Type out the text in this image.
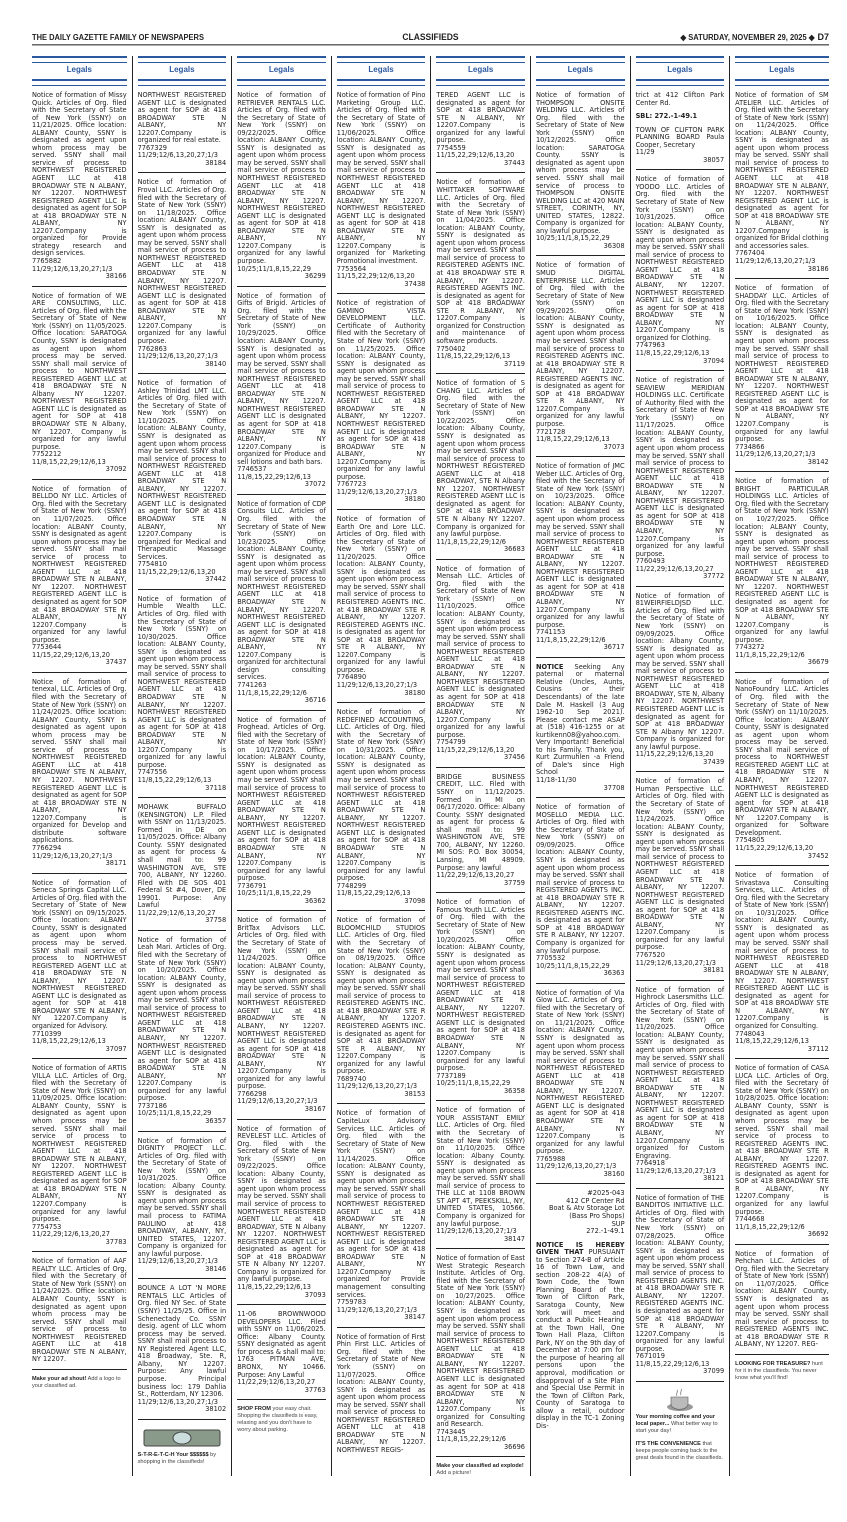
THE DAILY GAZETTE FAMILY OF NEWSPAPERS	CLASSIFIEDS	◆ SATURDAY, NOVEMBER 29, 2025 ◆ D7
Legals
Notice of formation of Missy Quick. Articles of Org. filed with the Secretary of State of New York (SSNY) on 11/21/2025. Office location: ALBANY County, SSNY is designated as agent upon whom process may be served. SSNY shall mail service of process to NORTHWEST REGISTERED AGENT LLC at 418 BROADWAY STE N ALBANY, NY 12207. NORTHWEST REGISTERED AGENT LLC is designated as agent for SOP at 418 BROADWAY STE N ALBANY, NY 12207.Company is organized for Provide strategy research and design services.
7765882
11/29;12/6,13,20,27;1/3
38166
Notice of formation of WE ARE CONSULTING, LLC. Articles of Org. filed with the Secretary of State of New York (SSNY) on 11/05/2025. Office location: SARATOGA County, SSNY is designated as agent upon whom process may be served. SSNY shall mail service of process to NORTHWEST REGISTERED AGENT LLC at 418 BROADWAY STE N Albany NY 12207. NORTHWEST REGISTERED AGENT LLC is designated as agent for SOP at 418 BROADWAY STE N Albany, NY 12207. Company is organized for any lawful purpose.
7752212
11/8,15,22,29;12/6,13
37092
Notice of formation of BELLDO NY LLC. Articles of Org. filed with the Secretary of State of New York (SSNY) on 11/07/2025. Office location: ALBANY County, SSNY is designated as agent upon whom process may be served. SSNY shall mail service of process to NORTHWEST REGISTERED AGENT LLC at 418 BROADWAY STE N ALBANY, NY 12207. NORTHWEST REGISTERED AGENT LLC is designated as agent for SOP at 418 BROADWAY STE N ALBANY, NY 12207.Company is organized for any lawful purpose.
7753644
11/15,22,29;12/6,13,20
37437
Notice of formation of tenexal, LLC. Articles of Org. filed with the Secretary of State of New York (SSNY) on 11/24/2025. Office location: ALBANY County, SSNY is designated as agent upon whom process may be served. SSNY shall mail service of process to NORTHWEST REGISTERED AGENT LLC at 418 BROADWAY STE N ALBANY, NY 12207. NORTHWEST REGISTERED AGENT LLC is designated as agent for SOP at 418 BROADWAY STE N ALBANY, NY 12207.Company is organized for Develop and distribute software applications.
7766294
11/29;12/6,13,20,27;1/3
38171
Notice of formation of Seneca Springs Capital LLC. Articles of Org. filed with the Secretary of State of New York (SSNY) on 09/15/2025. Office location: ALBANY County, SSNY is designated as agent upon whom process may be served. SSNY shall mail service of process to NORTHWEST REGISTERED AGENT LLC at 418 BROADWAY STE N ALBANY, NY 12207. NORTHWEST REGISTERED AGENT LLC is designated as agent for SOP at 418 BROADWAY STE N ALBANY, NY 12207.Company is organized for Advisory.
7710399
11/8,15,22,29;12/6,13
37097
Notice of formation of ARTIS VILLA LLC. Articles of Org. filed with the Secretary of State of New York (SSNY) on 11/09/2025. Office location: ALBANY County, SSNY is designated as agent upon whom process may be served. SSNY shall mail service of process to NORTHWEST REGISTERED AGENT LLC at 418 BROADWAY STE N ALBANY, NY 12207. NORTHWEST REGISTERED AGENT LLC is designated as agent for SOP at 418 BROADWAY STE N ALBANY, NY 12207.Company is organized for any lawful purpose.
7754753
11/22,29;12/6,13,20,27
37783
Notice of formation of AAF REALTY LLC. Articles of Org. filed with the Secretary of State of New York (SSNY) on 11/24/2025. Office location: ALBANY County, SSNY is designated as agent upon whom process may be served. SSNY shall mail service of process to NORTHWEST REGISTERED AGENT LLC at 418 BROADWAY STE N ALBANY, NY 12207.
Make your ad shout! Add a logo to your classified ad.
Legals
NORTHWEST REGISTERED AGENT LLC is designated as agent for SOP at 418 BROADWAY STE N ALBANY, NY 12207.Company is organized for real estate.
7767329
11/29;12/6,13,20,27;1/3
38184
Notice of formation of Froval LLC. Articles of Org. filed with the Secretary of State of New York (SSNY) on 11/18/2025. Office location: ALBANY County, SSNY is designated as agent upon whom process may be served. SSNY shall mail service of process to NORTHWEST REGISTERED AGENT LLC at 418 BROADWAY STE N ALBANY, NY 12207. NORTHWEST REGISTERED AGENT LLC is designated as agent for SOP at 418 BROADWAY STE N ALBANY, NY 12207.Company is organized for any lawful purpose.
7762863
11/29;12/6,13,20,27;1/3
38140
Notice of formation of Ashley Trinidad LMT LLC. Articles of Org. filed with the Secretary of State of New York (SSNY) on 11/10/2025. Office location: ALBANY County, SSNY is designated as agent upon whom process may be served. SSNY shall mail service of process to NORTHWEST REGISTERED AGENT LLC at 418 BROADWAY STE N ALBANY, NY 12207. NORTHWEST REGISTERED AGENT LLC is designated as agent for SOP at 418 BROADWAY STE N ALBANY, NY 12207.Company is organized for Medical and Therapeutic Massage Services.
7754810
11/15,22,29;12/6,13,20
37442
Notice of formation of Humble Wealth LLC. Articles of Org. filed with the Secretary of State of New York (SSNY) on 10/30/2025. Office location: ALBANY County, SSNY is designated as agent upon whom process may be served. SSNY shall mail service of process to NORTHWEST REGISTERED AGENT LLC at 418 BROADWAY STE N ALBANY, NY 12207. NORTHWEST REGISTERED AGENT LLC is designated as agent for SOP at 418 BROADWAY STE N ALBANY, NY 12207.Company is organized for any lawful purpose.
7747556
11/8,15,22,29;12/6,13
37118
MOHAWK BUFFALO (KENSINGTON) L.P. Filed with SSNY on 11/13/2025. Formed in DE on 11/05/2025. Office: Albany County. SSNY designated as agent for process & shall mail to: 99 WASHINGTON AVE, STE 700, ALBANY, NY 12260. Filed with DE SOS 401 Federal St #4, Dover, DE 19901. Purpose: Any Lawful
11/22,29;12/6,13,20,27
37758
Notice of formation of Leah Mari. Articles of Org. filed with the Secretary of State of New York (SSNY) on 10/20/2025. Office location: ALBANY County, SSNY is designated as agent upon whom process may be served. SSNY shall mail service of process to NORTHWEST REGISTERED AGENT LLC at 418 BROADWAY STE N ALBANY, NY 12207. NORTHWEST REGISTERED AGENT LLC is designated as agent for SOP at 418 BROADWAY STE N ALBANY, NY 12207.Company is organized for any lawful purpose.
7737186
10/25;11/1,8,15,22,29
36357
Notice of formation of DIGNITY PROJECT LLC. Articles of Org. filed with the Secretary of State of New York (SSNY) on 10/31/2025. Office location: Albany County. SSNY is designated as agent upon whom process may be served. SSNY shall mail process to FATIMA PAULINO at 418 BROADWAY, ALBANY, NY, UNITED STATES, 12207. Company is organized for any lawful purpose.
11/29;12/6,13,20,27;1/3
38146
BOUNCE A LOT 'N MORE RENTALS LLC Articles of Org. filed NY Sec. of State (SSNY) 11/25/25. Office in Schenectady Co. SSNY desig. agent of LLC whom process may be served. SSNY shall mail process to NY Registered Agent LLC, 418 Broadway, Ste. R, Albany, NY 12207. Purpose: Any lawful purpose. Principal business loc: 179 Dahlia St., Rotterdam, NY 12306.
11/29;12/6,13,20,27;1/3
38102
S-T-R-E-T-C-H Your $$$$$$ by shopping in the classifieds!
Legals
Notice of formation of RETRIEVER RENTALS LLC. Articles of Org. filed with the Secretary of State of New York (SSNY) on 09/22/2025. Office location: ALBANY County, SSNY is designated as agent upon whom process may be served. SSNY shall mail service of process to NORTHWEST REGISTERED AGENT LLC at 418 BROADWAY STE N ALBANY, NY 12207. NORTHWEST REGISTERED AGENT LLC is designated as agent for SOP at 418 BROADWAY STE N ALBANY, NY 12207.Company is organized for any lawful purpose.
10/25;11/1,8,15,22,29
36299
Notice of formation of Gifts of Brigid. Articles of Org. filed with the Secretary of State of New York (SSNY) on 10/29/2025. Office location: ALBANY County, SSNY is designated as agent upon whom process may be served. SSNY shall mail service of process to NORTHWEST REGISTERED AGENT LLC at 418 BROADWAY STE N ALBANY, NY 12207. NORTHWEST REGISTERED AGENT LLC is designated as agent for SOP at 418 BROADWAY STE N ALBANY, NY 12207.Company is organized for Produce and sell lotions and bath bars.
7746537
11/8,15,22,29;12/6,13
37072
Notice of formation of CDP Consults LLC. Articles of Org. filed with the Secretary of State of New York (SSNY) on 10/23/2025. Office location: ALBANY County, SSNY is designated as agent upon whom process may be served. SSNY shall mail service of process to NORTHWEST REGISTERED AGENT LLC at 418 BROADWAY STE N ALBANY, NY 12207. NORTHWEST REGISTERED AGENT LLC is designated as agent for SOP at 418 BROADWAY STE N ALBANY, NY 12207.Company is organized for architectural design consulting services.
7741263
11/1,8,15,22,29;12/6
36716
Notice of formation of Froghead. Articles of Org. filed with the Secretary of State of New York (SSNY) on 10/17/2025. Office location: ALBANY County, SSNY is designated as agent upon whom process may be served. SSNY shall mail service of process to NORTHWEST REGISTERED AGENT LLC at 418 BROADWAY STE N ALBANY, NY 12207. NORTHWEST REGISTERED AGENT LLC is designated as agent for SOP at 418 BROADWAY STE N ALBANY, NY 12207.Company is organized for any lawful purpose.
7736791
10/25;11/1,8,15,22,29
36362
Notice of formation of BritTax Advisors LLC. Articles of Org. filed with the Secretary of State of New York (SSNY) on 11/24/2025. Office location: ALBANY County, SSNY is designated as agent upon whom process may be served. SSNY shall mail service of process to NORTHWEST REGISTERED AGENT LLC at 418 BROADWAY STE N ALBANY, NY 12207. NORTHWEST REGISTERED AGENT LLC is designated as agent for SOP at 418 BROADWAY STE N ALBANY, NY 12207.Company is organized for any lawful purpose.
7766298
11/29;12/6,13,20,27;1/3
38167
Notice of formation of REVELEST LLC. Articles of Org. filed with the Secretary of State of New York (SSNY) on 09/22/2025. Office location: Albany County, SSNY is designated as agent upon whom process may be served. SSNY shall mail service of process to NORTHWEST REGISTERED AGENT LLC at 418 BROADWAY, STE N Albany NY 12207. NORTHWEST REGISTERED AGENT LLC is designated as agent for SOP at 418 BROADWAY STE N Albany NY 12207. Company is organized for any lawful purpose.
11/8,15,22,29;12/6,13
37093
11-06 BROWNWOOD DEVELOPERS LLC. Filed with SSNY on 11/06/2025. Office: Albany County. SSNY designated as agent for process & shall mail to: 1763 PITMAN AVE, BRONX, NY 10466. Purpose: Any Lawful
11/22,29;12/6,13,20,27
37763
SHOP FROM your easy chair. Shopping the classifieds is easy, relaxing and you don't have to worry about parking.
Legals
Notice of formation of Pino Marketing Group LLC. Articles of Org. filed with the Secretary of State of New York (SSNY) on 11/06/2025. Office location: ALBANY County, SSNY is designated as agent upon whom process may be served. SSNY shall mail service of process to NORTHWEST REGISTERED AGENT LLC at 418 BROADWAY STE N ALBANY, NY 12207. NORTHWEST REGISTERED AGENT LLC is designated as agent for SOP at 418 BROADWAY STE N ALBANY, NY 12207.Company is organized for Marketing Promotional investment.
7753564
11/15,22,29;12/6,13,20
37438
Notice of registration of GAMINO VISTA DEVELOPMENT LLC. Certificate of Authority filed with the Secretary of State of New York (SSNY) on 11/25/2025. Office location: ALBANY County, SSNY is designated as agent upon whom process may be served. SSNY shall mail service of process to NORTHWEST REGISTERED AGENT LLC at 418 BROADWAY STE N ALBANY, NY 12207. NORTHWEST REGISTERED AGENT LLC is designated as agent for SOP at 418 BROADWAY STE N ALBANY, NY 12207.Company is organized for any lawful purpose.
7767723
11/29;12/6,13,20,27;1/3
38180
Notice of formation of Earth Ore and Lore LLC. Articles of Org. filed with the Secretary of State of New York (SSNY) on 11/20/2025. Office location: ALBANY County, SSNY is designated as agent upon whom process may be served. SSNY shall mail service of process to REGISTERED AGENTS INC. at 418 BROADWAY STE R ALBANY, NY 12207. REGISTERED AGENTS INC. is designated as agent for SOP at 418 BROADWAY STE R ALBANY, NY 12207.Company is organized for any lawful purpose.
7764890
11/29;12/6,13,20,27;1/3
38180
Notice of formation of REDEFINED ACCOUNTING, LLC. Articles of Org. filed with the Secretary of State of New York (SSNY) on 10/31/2025. Office location: ALBANY County, SSNY is designated as agent upon whom process may be served. SSNY shall mail service of process to NORTHWEST REGISTERED AGENT LLC at 418 BROADWAY STE N ALBANY, NY 12207. NORTHWEST REGISTERED AGENT LLC is designated as agent for SOP at 418 BROADWAY STE N ALBANY, NY 12207.Company is organized for any lawful purpose.
7748299
11/8,15,22,29;12/6,13
37098
Notice of formation of BLOOMCHILD STUDIOS LLC. Articles of Org. filed with the Secretary of State of New York (SSNY) on 08/19/2025. Office location: ALBANY County, SSNY is designated as agent upon whom process may be served. SSNY shall mail service of process to REGISTERED AGENTS INC. at 418 BROADWAY STE R ALBANY, NY 12207. REGISTERED AGENTS INC. is designated as agent for SOP at 418 BROADWAY STE R ALBANY, NY 12207.Company is organized for any lawful purpose.
7689740
11/29;12/6,13,20,27;1/3
38153
Notice of formation of CapiteLux Advisory Services LLC. Articles of Org. filed with the Secretary of State of New York (SSNY) on 11/14/2025. Office location: ALBANY County, SSNY is designated as agent upon whom process may be served. SSNY shall mail service of process to NORTHWEST REGISTERED AGENT LLC at 418 BROADWAY STE N ALBANY, NY 12207. NORTHWEST REGISTERED AGENT LLC is designated as agent for SOP at 418 BROADWAY STE N ALBANY, NY 12207.Company is organized for Provide management consulting services.
7759783
11/29;12/6,13,20,27;1/3
38147
Notice of formation of First Phin First LLC. Articles of Org. filed with the Secretary of State of New York (SSNY) on 11/07/2025. Office location: ALBANY County, SSNY is designated as agent upon whom process may be served. SSNY shall mail service of process to NORTHWEST REGISTERED AGENT LLC at 418 BROADWAY STE N ALBANY, NY 12207. NORTHWEST REGIS-
Legals
TERED AGENT LLC is designated as agent for SOP at 418 BROADWAY STE N ALBANY, NY 12207.Company is organized for any lawful purpose.
7754559
11/15,22,29;12/6,13,20
37443
Notice of formation of WHITTAKER SOFTWARE LLC. Articles of Org. filed with the Secretary of State of New York (SSNY) on 11/04/2025. Office location: ALBANY County, SSNY is designated as agent upon whom process may be served. SSNY shall mail service of process to REGISTERED AGENTS INC. at 418 BROADWAY STE R ALBANY, NY 12207. REGISTERED AGENTS INC. is designated as agent for SOP at 418 BROADWAY STE R ALBANY, NY 12207.Company is organized for Construction and maintenance of software products.
7750402
11/8,15,22,29;12/6,13
37119
Notice of formation of S CHANG LLC. Articles of Org. filed with the Secretary of State of New York (SSNY) on 10/22/2025. Office location: Albany County, SSNY is designated as agent upon whom process may be served. SSNY shall mail service of process to NORTHWEST REGISTERED AGENT LLC at 418 BROADWAY, STE N Albany NY 12207. NORTHWEST REGISTERED AGENT LLC is designated as agent for SOP at 418 BROADWAY STE N Albany NY 12207. Company is organized for any lawful purpose.
11/1,8,15,22,29;12/6
36683
Notice of formation of Mensah LLC. Articles of Org. filed with the Secretary of State of New York (SSNY) on 11/10/2025. Office location: ALBANY County, SSNY is designated as agent upon whom process may be served. SSNY shall mail service of process to NORTHWEST REGISTERED AGENT LLC at 418 BROADWAY STE N ALBANY, NY 12207. NORTHWEST REGISTERED AGENT LLC is designated as agent for SOP at 418 BROADWAY STE N ALBANY, NY 12207.Company is organized for any lawful purpose.
7754799
11/15,22,29;12/6,13,20
37456
BRIDGE BUSINESS CREDIT, LLC. Filed with SSNY on 11/12/2025. Formed in MI on 06/17/2020. Office: Albany County. SSNY designated as agent for process & shall mail to: 99 WASHINGTON AVE, STE 700, ALBANY, NY 12260. MI SOS: P.O. Box 30054, Lansing, MI 48909. Purpose: any lawful
11/22,29;12/6,13,20,27
37759
Notice of formation of Famous Youth LLC. Articles of Org. filed with the Secretary of State of New York (SSNY) on 10/20/2025. Office location: ALBANY County, SSNY is designated as agent upon whom process may be served. SSNY shall mail service of process to NORTHWEST REGISTERED AGENT LLC at 418 BROADWAY STE N ALBANY, NY 12207. NORTHWEST REGISTERED AGENT LLC is designated as agent for SOP at 418 BROADWAY STE N ALBANY, NY 12207.Company is organized for any lawful purpose.
7737189
10/25;11/1,8,15,22,29
36358
Notice of formation of YOUR ASSISTANT EMILY LLC. Articles of Org. filed with the Secretary of State of New York (SSNY) on 11/10/2025. Office location: Albany County. SSNY is designated as agent upon whom process may be served. SSNY shall mail service of process to THE LLC at 1108 BROWN ST APT 4T, PEEKSKILL, NY, UNITED STATES, 10566. Company is organized for any lawful purpose.
11/29;12/6,13,20,27;1/3
38147
Notice of formation of East West Strategic Research Institute. Articles of Org. filed with the Secretary of State of New York (SSNY) on 10/27/2025. Office location: ALBANY County, SSNY is designated as agent upon whom process may be served. SSNY shall mail service of process to NORTHWEST REGISTERED AGENT LLC at 418 BROADWAY STE N ALBANY, NY 12207. NORTHWEST REGISTERED AGENT LLC is designated as agent for SOP at 418 BROADWAY STE N ALBANY, NY 12207.Company is organized for Consulting and Research.
7743445
11/1,8,15,22,29;12/6
36696
Make your classified ad explode! Add a picture!
Legals
Notice of formation of THOMPSON ONSITE WELDING LLC. Articles of Org. filed with the Secretary of State of New York (SSNY) on 10/12/2025. Office location: SARATOGA County. SSNY is designated as agent upon whom process may be served. SSNY shall mail service of process to THOMPSON ONSITE WELDING LLC at 420 MAIN STREET, CORINTH, NY, UNITED STATES, 12822. Company is organized for any lawful purpose.
10/25;11/1,8,15,22,29
36308
Notice of formation of SMUD DIGITAL ENTERPRISE LLC. Articles of Org. filed with the Secretary of State of New York (SSNY) on 09/29/2025. Office location: ALBANY County, SSNY is designated as agent upon whom process may be served. SSNY shall mail service of process to REGISTERED AGENTS INC. at 418 BROADWAY STE R ALBANY, NY 12207. REGISTERED AGENTS INC. is designated as agent for SOP at 418 BROADWAY STE R ALBANY, NY 12207.Company is organized for any lawful purpose.
7721728
11/8,15,22,29;12/6,13
37073
Notice of formation of JMC Weber LLC. Articles of Org. filed with the Secretary of State of New York (SSNY) on 10/23/2025. Office location: ALBANY County, SSNY is designated as agent upon whom process may be served. SSNY shall mail service of process to NORTHWEST REGISTERED AGENT LLC at 418 BROADWAY STE N ALBANY, NY 12207. NORTHWEST REGISTERED AGENT LLC is designated as agent for SOP at 418 BROADWAY STE N ALBANY, NY 12207.Company is organized for any lawful purpose.
7741153
11/1,8,15,22,29;12/6
36717
NOTICE Seeking Any paternal or maternal Relative (Uncles, Aunts, Cousins or their Descendants) of the late Dale M. Haskell (3 Aug 1962-10 Sep 2021). Please contact me ASAP at (518) 416-1255 or at kurtikenn08@yahoo.com. Very Important! Beneficial to his Family. Thank you, Kurt Zurmuhlen -a Friend of Dale's since High School
11/18-11/30
37708
Notice of formation of MOSELLO MEDIA LLC. Articles of Org. filed with the Secretary of State of New York (SSNY) on 09/09/2025. Office location: ALBANY County, SSNY is designated as agent upon whom process may be served. SSNY shall mail service of process to REGISTERED AGENTS INC. at 418 BROADWAY STE R ALBANY, NY 12207. REGISTERED AGENTS INC. is designated as agent for SOP at 418 BROADWAY STE R ALBANY, NY 12207. Company is organized for any lawful purpose.
7705532
10/25;11/1,8,15,22,29
36363
Notice of formation of Via Glow LLC. Articles of Org. filed with the Secretary of State of New York (SSNY) on 11/21/2025. Office location: ALBANY County, SSNY is designated as agent upon whom process may be served. SSNY shall mail service of process to NORTHWEST REGISTERED AGENT LLC at 418 BROADWAY STE N ALBANY, NY 12207. NORTHWEST REGISTERED AGENT LLC is designated as agent for SOP at 418 BROADWAY STE N ALBANY, NY 12207.Company is organized for any lawful purpose.
7765988
11/29;12/6,13,20,27;1/3
38160
#2025-043
412 CP Center Rd
Boat & Atv Storage Lot
(Bass Pro Shops)
SUP
272.-1-49.1
NOTICE IS HEREBY GIVEN THAT PURSUANT to Section 274-B of Article 16 of Town Law, and section 208-22 4(A) of Town Code, the Town Planning Board of the Town of Clifton Park, Saratoga County, New York will meet and conduct a Public Hearing at the Town Hall, One Town Hall Plaza, Clifton Park, NY on the 9th day of December at 7:00 pm for the purpose of hearing all persons upon the approval, modification or disapproval of a Site Plan and Special Use Permit in the Town of Clifton Park, County of Saratoga to allow a retail, outdoor display in the TC-1 Zoning Dis-
Legals
trict at 412 Clifton Park Center Rd.
SBL: 272.-1-49.1
TOWN OF CLIFTON PARK PLANNING BOARD Paula Cooper, Secretary
11/29
38057
Notice of formation of YOODO LLC. Articles of Org. filed with the Secretary of State of New York (SSNY) on 10/31/2025. Office location: ALBANY County, SSNY is designated as agent upon whom process may be served. SSNY shall mail service of process to NORTHWEST REGISTERED AGENT LLC at 418 BROADWAY STE N ALBANY, NY 12207. NORTHWEST REGISTERED AGENT LLC is designated as agent for SOP at 418 BROADWAY STE N ALBANY, NY 12207.Company is organized for Clothing.
7747963
11/8,15,22,29;12/6,13
37094
Notice of registration of SEAVIEW MERIDIAN HOLDINGS LLC. Certificate of Authority filed with the Secretary of State of New York (SSNY) on 11/17/2025. Office location: ALBANY County, SSNY is designated as agent upon whom process may be served. SSNY shall mail service of process to NORTHWEST REGISTERED AGENT LLC at 418 BROADWAY STE N ALBANY, NY 12207. NORTHWEST REGISTERED AGENT LLC is designated as agent for SOP at 418 BROADWAY STE N ALBANY, NY 12207.Company is organized for any lawful purpose.
7760493
11/22,29;12/6,13,20,27
37772
Notice of formation of 81WEIRFIELDJSD LLC. Articles of Org. filed with the Secretary of State of New York (SSNY) on 09/09/2025. Office location: Albany County, SSNY is designated as agent upon whom process may be served. SSNY shall mail service of process to NORTHWEST REGISTERED AGENT LLC at 418 BROADWAY, STE N, Albany NY 12207. NORTHWEST REGISTERED AGENT LLC is designated as agent for SOP at 418 BROADWAY STE N Albany NY 12207. Company is organized for any lawful purpose.
11/15,22,29;12/6,13,20
37439
Notice of formation of Human Perspective LLC. Articles of Org. filed with the Secretary of State of New York (SSNY) on 11/24/2025. Office location: ALBANY County, SSNY is designated as agent upon whom process may be served. SSNY shall mail service of process to NORTHWEST REGISTERED AGENT LLC at 418 BROADWAY STE N ALBANY, NY 12207. NORTHWEST REGISTERED AGENT LLC is designated as agent for SOP at 418 BROADWAY STE N ALBANY, NY 12207.Company is organized for any lawful purpose.
7767520
11/29;12/6,13,20,27;1/3
38181
Notice of formation of Highrock Lasersmiths LLC. Articles of Org. filed with the Secretary of State of New York (SSNY) on 11/20/2025. Office location: ALBANY County, SSNY is designated as agent upon whom process may be served. SSNY shall mail service of process to NORTHWEST REGISTERED AGENT LLC at 418 BROADWAY STE N ALBANY, NY 12207. NORTHWEST REGISTERED AGENT LLC is designated as agent for SOP at 418 BROADWAY STE N ALBANY, NY 12207.Company is organized for Custom Engraving.
7764918
11/29;12/6,13,20,27;1/3
38121
Notice of formation of THE BANDITOS INITIATIVE LLC. Articles of Org. filed with the Secretary of State of New York (SSNY) on 07/28/2025. Office location: ALBANY County, SSNY is designated as agent upon whom process may be served. SSNY shall mail service of process to REGISTERED AGENTS INC. at 418 BROADWAY STE R ALBANY, NY 12207. REGISTERED AGENTS INC. is designated as agent for SOP at 418 BROADWAY STE R ALBANY, NY 12207.Company is organized for any lawful purpose.
7671019
11/8,15,22,29;12/6,13
37099
Your morning coffee and your local paper... What better way to start your day!
IT'S THE CONVENIENCE that keeps people coming back to the great deals found in the classifieds.
Legals
Notice of formation of SM ATELIER LLC. Articles of Org. filed with the Secretary of State of New York (SSNY) on 11/24/2025. Office location: ALBANY County, SSNY is designated as agent upon whom process may be served. SSNY shall mail service of process to NORTHWEST REGISTERED AGENT LLC at 418 BROADWAY STE N ALBANY, NY 12207. NORTHWEST REGISTERED AGENT LLC is designated as agent for SOP at 418 BROADWAY STE N ALBANY, NY 12207.Company is organized for Bridal clothing and accessories sales.
7767404
11/29;12/6,13,20,27;1/3
38186
Notice of formation of SHADDAY LLC. Articles of Org. filed with the Secretary of State of New York (SSNY) on 10/16/2025. Office location: ALBANY County, SSNY is designated as agent upon whom process may be served. SSNY shall mail service of process to NORTHWEST REGISTERED AGENT LLC at 418 BROADWAY STE N ALBANY, NY 12207. NORTHWEST REGISTERED AGENT LLC is designated as agent for SOP at 418 BROADWAY STE N ALBANY, NY 12207.Company is organized for any lawful purpose.
7734866
11/29;12/6,13,20,27;1/3
38142
Notice of formation of BRIGHT PARTICULAR HOLDINGS LLC. Articles of Org. filed with the Secretary of State of New York (SSNY) on 10/27/2025. Office location: ALBANY County, SSNY is designated as agent upon whom process may be served. SSNY shall mail service of process to NORTHWEST REGISTERED AGENT LLC at 418 BROADWAY STE N ALBANY, NY 12207. NORTHWEST REGISTERED AGENT LLC is designated as agent for SOP at 418 BROADWAY STE N ALBANY, NY 12207.Company is organized for any lawful purpose.
7743272
11/1,8,15,22,29;12/6
36679
Notice of formation of NanoFoundry LLC. Articles of Org. filed with the Secretary of State of New York (SSNY) on 11/10/2025. Office location: ALBANY County, SSNY is designated as agent upon whom process may be served. SSNY shall mail service of process to NORTHWEST REGISTERED AGENT LLC at 418 BROADWAY STE N ALBANY, NY 12207. NORTHWEST REGISTERED AGENT LLC is designated as agent for SOP at 418 BROADWAY STE N ALBANY, NY 12207.Company is organized for Software Development.
7754805
11/15,22,29;12/6,13,20
37452
Notice of formation of Srivastava Consulting Services, LLC. Articles of Org. filed with the Secretary of State of New York (SSNY) on 10/31/2025. Office location: ALBANY County, SSNY is designated as agent upon whom process may be served. SSNY shall mail service of process to NORTHWEST REGISTERED AGENT LLC at 418 BROADWAY STE N ALBANY, NY 12207. NORTHWEST REGISTERED AGENT LLC is designated as agent for SOP at 418 BROADWAY STE N ALBANY, NY 12207.Company is organized for Consulting.
7748043
11/8,15,22,29;12/6,13
37112
Notice of formation of CASA LUCA LLC. Articles of Org. filed with the Secretary of State of New York (SSNY) on 10/28/2025. Office location: ALBANY County, SSNY is designated as agent upon whom process may be served. SSNY shall mail service of process to REGISTERED AGENTS INC. at 418 BROADWAY STE R ALBANY, NY 12207. REGISTERED AGENTS INC. is designated as agent for SOP at 418 BROADWAY STE R ALBANY, NY 12207.Company is organized for any lawful purpose.
7744668
11/1,8,15,22,29;12/6
36692
Notice of formation of Pehchan LLC. Articles of Org. filed with the Secretary of State of New York (SSNY) on 11/07/2025. Office location: ALBANY County, SSNY is designated as agent upon whom process may be served. SSNY shall mail service of process to REGISTERED AGENTS INC. at 418 BROADWAY STE R ALBANY, NY 12207. REG-
LOOKING FOR TREASURE? hunt for it in the classifieds. You never know what you'll find!
